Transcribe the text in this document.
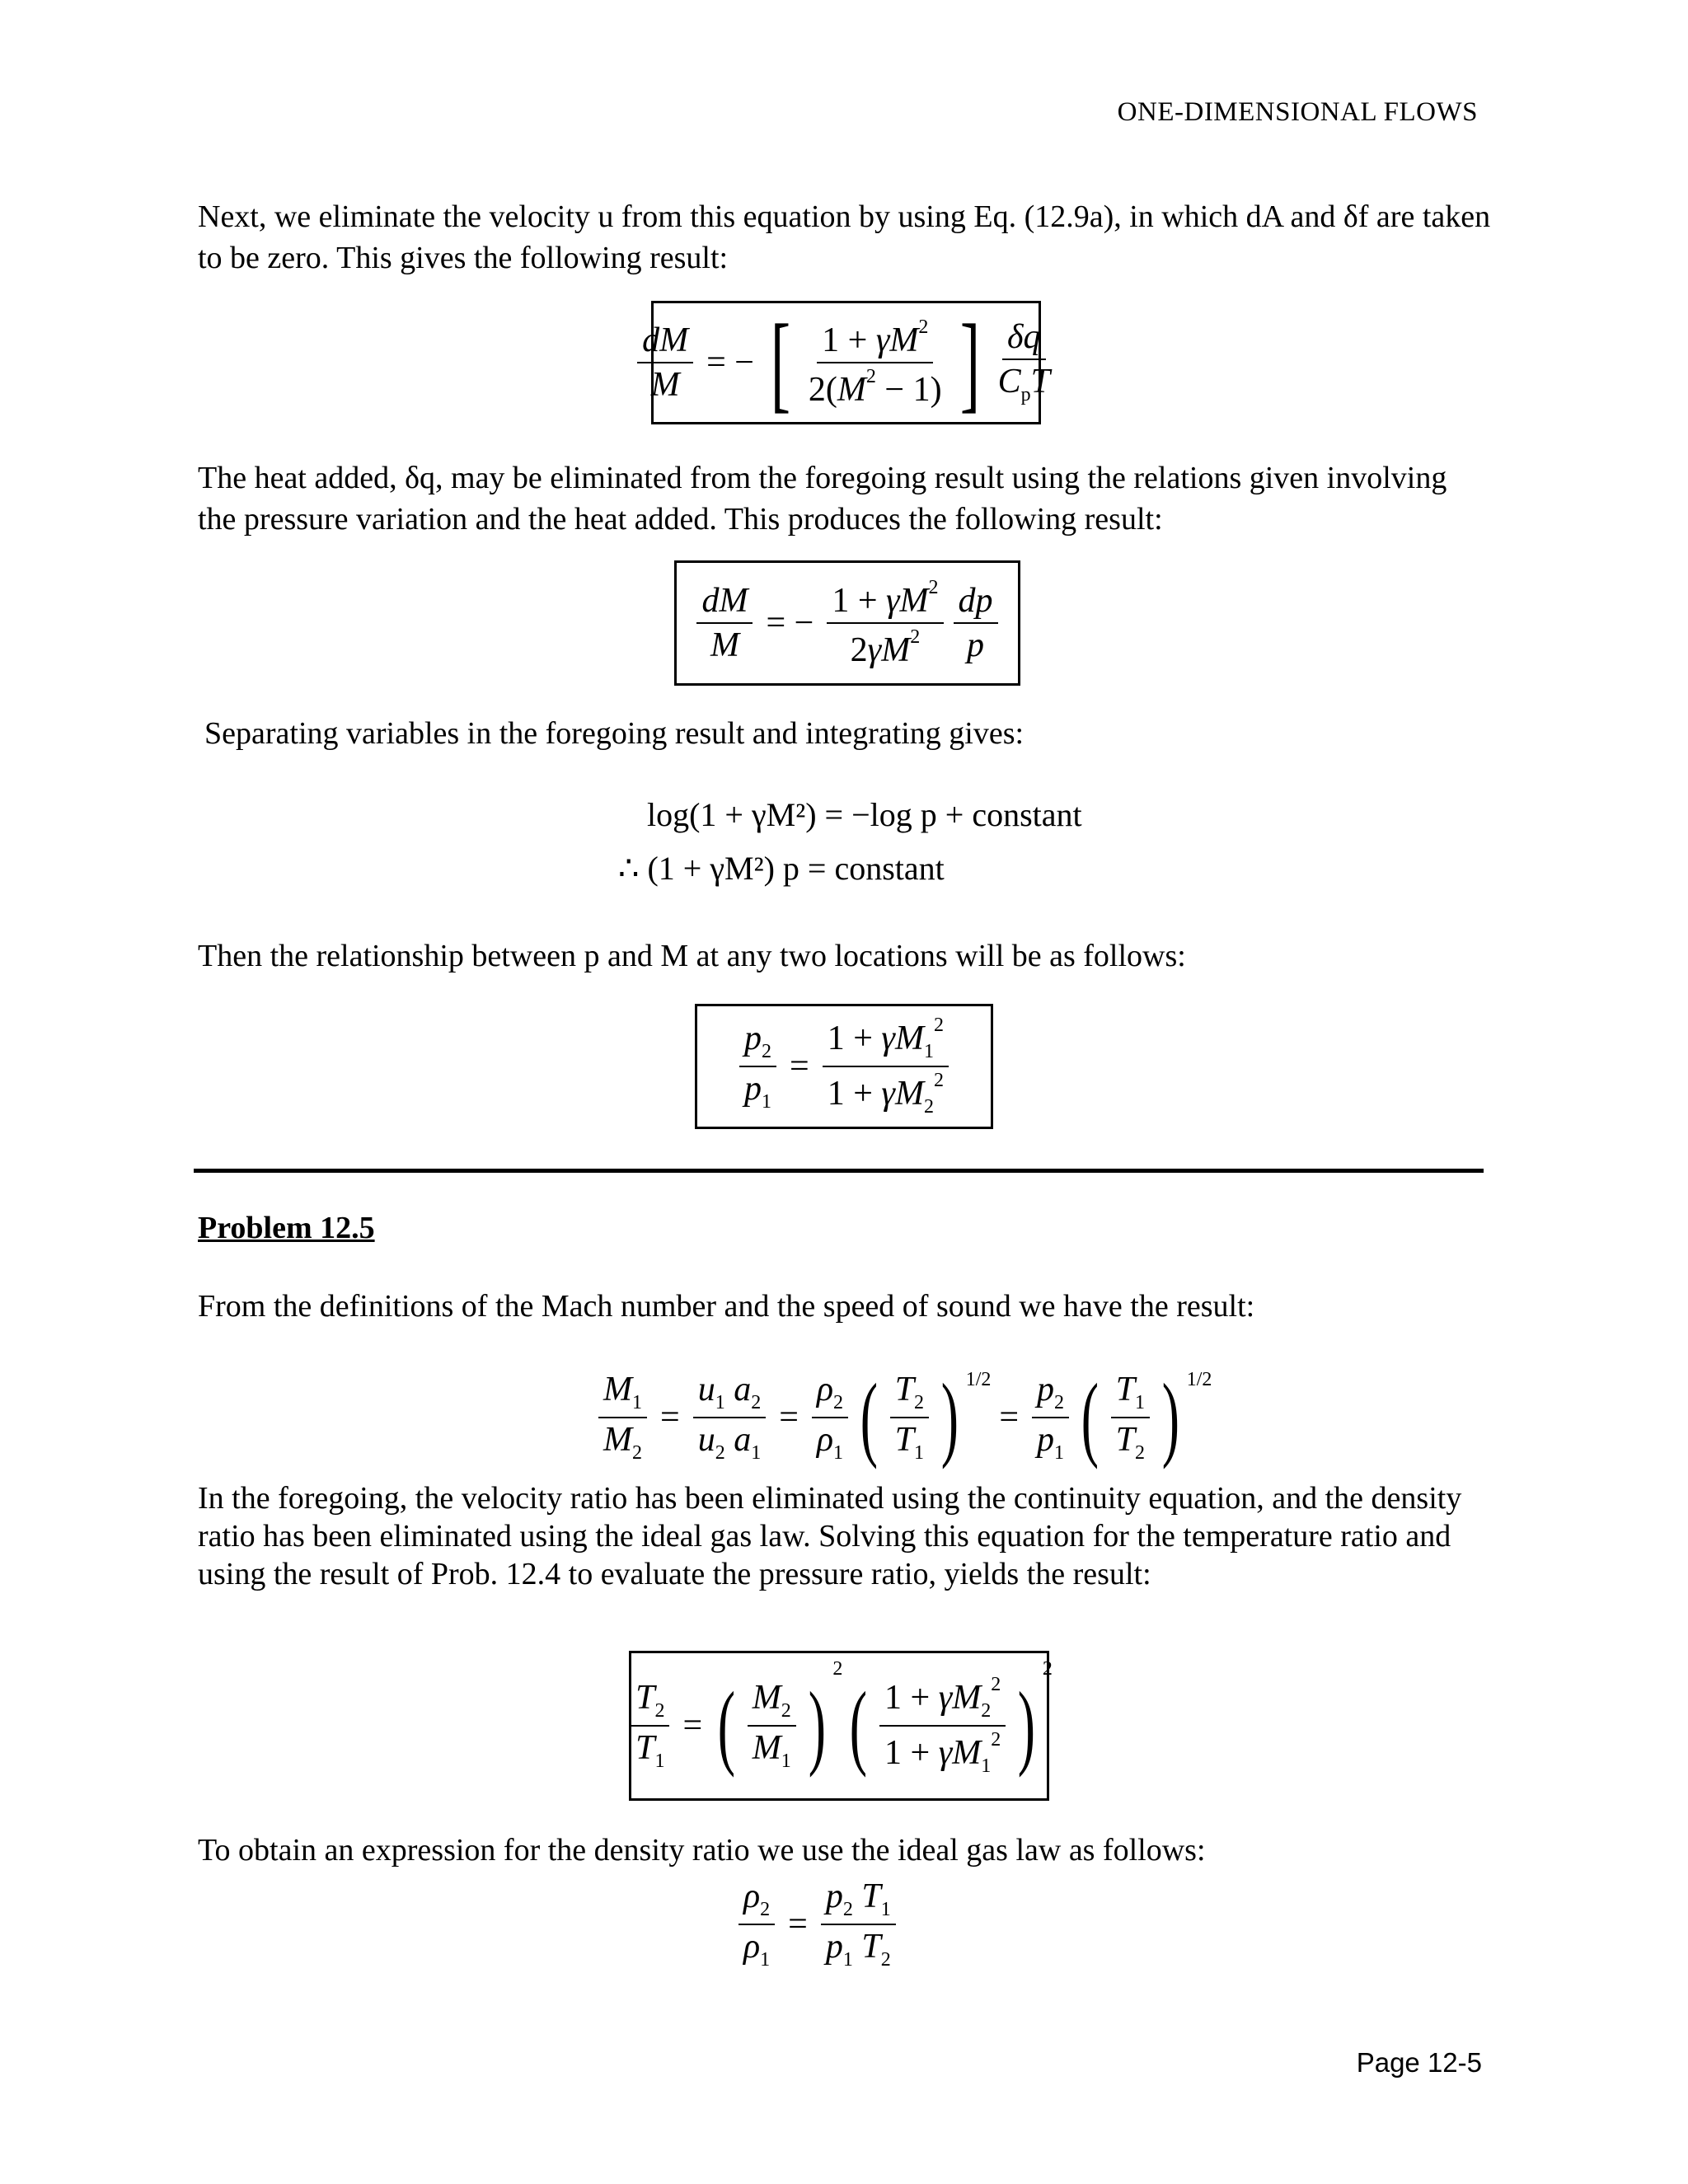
ONE-DIMENSIONAL FLOWS
Next, we eliminate the velocity u from this equation by using Eq. (12.9a), in which dA and δf are taken to be zero. This gives the following result:
$\frac{dM}{M}$ = − [ $\frac{1 + \gamma M^2}{2(M^2 - 1)}$ ] $\frac{\delta q}{C_pT}$
The heat added, δq, may be eliminated from the foregoing result using the relations given involving the pressure variation and the heat added. This produces the following result:
$\frac{dM}{M}$ = − $\frac{1 + \gamma M^2}{2\gamma M^2} \frac{dp}{p}$
Separating variables in the foregoing result and integrating gives:
log(1 + γM²) = −log p + constant
∴ (1 + γM²) p = constant
Then the relationship between p and M at any two locations will be as follows:
$\frac{p_2}{p_1} = \frac{1 + \gamma M_1^2}{1 + \gamma M_2^2}$
Problem 12.5
From the definitions of the Mach number and the speed of sound we have the result:
$\frac{M_1}{M_2} = \frac{u_1 a_2}{u_2 a_1} = \frac{\rho_2}{\rho_1}$ ( $\frac{T_2}{T_1}$ ) 1/2
= $\frac{p_2}{p_1}$ ( $\frac{T_1}{T_2}$ ) 1/2
In the foregoing, the velocity ratio has been eliminated using the continuity equation, and the density ratio has been eliminated using the ideal gas law. Solving this equation for the temperature ratio and using the result of Prob. 12.4 to evaluate the pressure ratio, yields the result:
$\frac{T_2}{T_1}$ = ( $\frac{M_2}{M_1}$ )
2
( $\frac{1 + \gamma M_2^2}{1 + \gamma M_1^2}$ )
2
To obtain an expression for the density ratio we use the ideal gas law as follows:
$\frac{\rho_2}{\rho_1} = \frac{p_2 T_1}{p_1 T_2}$
Page 12-5
